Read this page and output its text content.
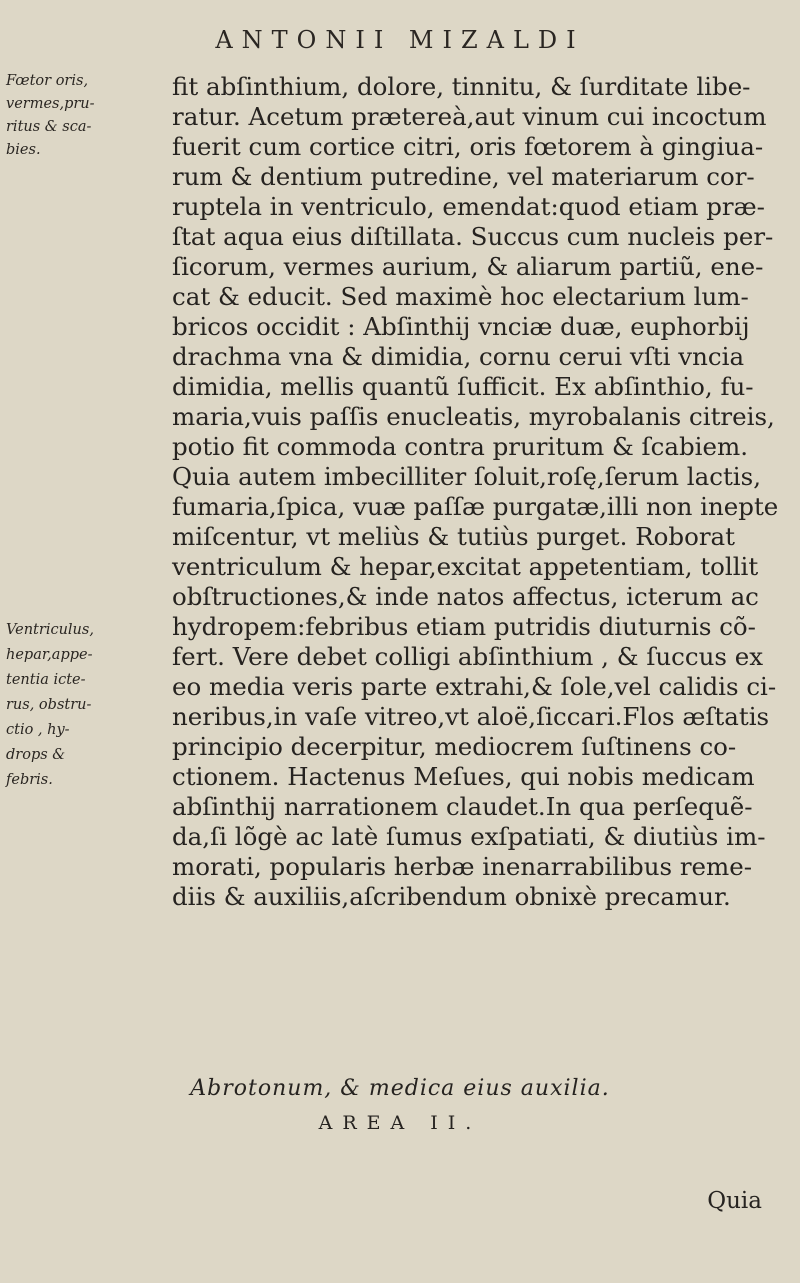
ANTONII MIZALDI
Fœtor oris,
vermes,pru-
ritus & sca-
bies.
Ventriculus,
hepar,appe-
tentia icte-
rus, obstru-
ctio , hy-
drops &
febris.
fit abſinthium, dolore, tinnitu, & ſurditate libe-
ratur. Acetum prætereà,aut vinum cui incoctum
fuerit cum cortice citri, oris fœtorem à gingiua-
rum & dentium putredine, vel materiarum cor-
ruptela in ventriculo, emendat:quod etiam præ-
ſtat aqua eius diſtillata. Succus cum nucleis per-
ſicorum, vermes aurium, & aliarum partiũ, ene-
cat & educit. Sed maximè hoc electarium lum-
bricos occidit : Abſinthij vnciæ duæ, euphorbij
drachma vna & dimidia, cornu cerui vſti vncia
dimidia, mellis quantũ ſufficit. Ex abſinthio, fu-
maria,vuis paſſis enucleatis, myrobalanis citreis,
potio fit commoda contra pruritum & ſcabiem.
Quia autem imbecilliter ſoluit,roſę,ſerum lactis,
fumaria,ſpica, vuæ paſſæ purgatæ,illi non inepte
miſcentur, vt meliùs & tutiùs purget. Roborat
ventriculum & hepar,excitat appetentiam, tollit
obſtructiones,& inde natos affectus, icterum ac
hydropem:febribus etiam putridis diuturnis cõ-
fert. Vere debet colligi abſinthium , & ſuccus ex
eo media veris parte extrahi,& ſole,vel calidis ci-
neribus,in vaſe vitreo,vt aloë,ſiccari.Flos æſtatis
principio decerpitur, mediocrem ſuſtinens co-
ctionem. Hactenus Meſues, qui nobis medicam
abſinthij narrationem claudet.In qua perſequẽ-
da,ſi lõgè ac latè ſumus exſpatiati, & diutiùs im-
morati, popularis herbæ inenarrabilibus reme-
diis & auxiliis,aſcribendum obnixè precamur.
Abrotonum, & medica eius auxilia.
AREA II.
Quia
